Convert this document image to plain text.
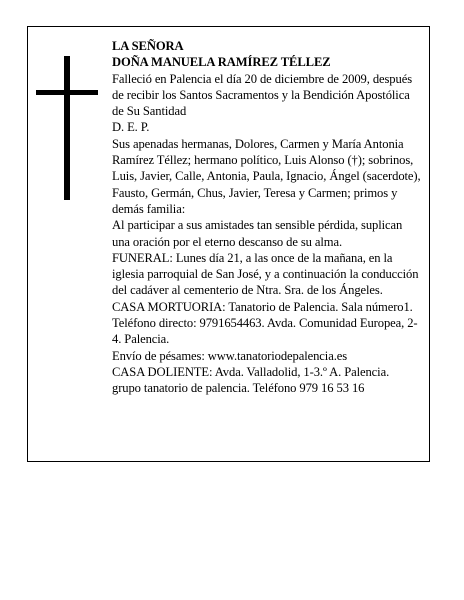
LA SEÑORA

DOÑA MANUELA RAMÍREZ TÉLLEZ

Falleció en Palencia el día 20 de diciembre de 2009, después de recibir los Santos Sacramentos y la Bendición Apostólica de Su Santidad

D. E. P.

Sus apenadas hermanas, Dolores, Carmen y María Antonia Ramírez Téllez; hermano político, Luis Alonso (†); sobrinos, Luis, Javier, Calle, Antonia, Paula, Ignacio, Ángel (sacerdote), Fausto, Germán, Chus, Javier, Teresa y Carmen; primos y demás familia:

Al participar a sus amistades tan sensible pérdida, suplican una oración por el eterno descanso de su alma.

FUNERAL: Lunes día 21, a las once de la mañana, en la iglesia parroquial de San José, y a continuación la conducción del cadáver al cementerio de Ntra. Sra. de los Ángeles.

CASA MORTUORIA: Tanatorio de Palencia. Sala número1. Teléfono directo: 9791654463. Avda. Comunidad Europea, 2-4. Palencia.

Envío de pésames: www.tanatoriodepalencia.es

CASA DOLIENTE: Avda. Valladolid, 1-3.º A. Palencia.

grupo tanatorio de palencia. Teléfono 979 16 53 16
